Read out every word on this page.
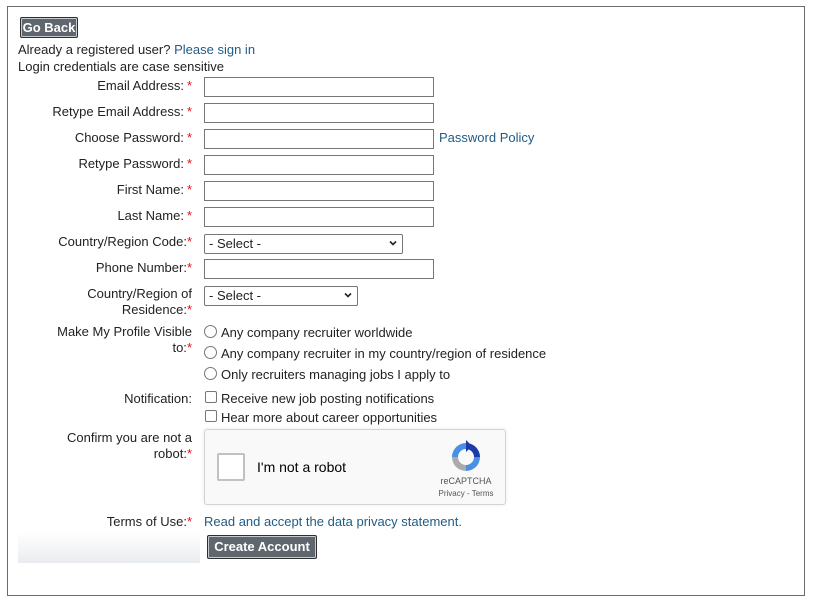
Go Back
Already a registered user? Please sign in
Login credentials are case sensitive
Email Address: *
Retype Email Address: *
Choose Password: *	Password Policy
Retype Password: *
First Name: *
Last Name: *
Country/Region Code:*	- Select -
Phone Number:*
Country/Region of
Residence:*
- Select -
Make My Profile Visible
to:*
Any company recruiter worldwide
Any company recruiter in my country/region of residence
Only recruiters managing jobs I apply to
Notification: Receive new job posting notifications
Hear more about career opportunities
Confirm you are not a
robot:*
I'm not a robot
reCAPTCHA
Privacy - Terms
Terms of Use:* Read and accept the data privacy statement.
Create Account
